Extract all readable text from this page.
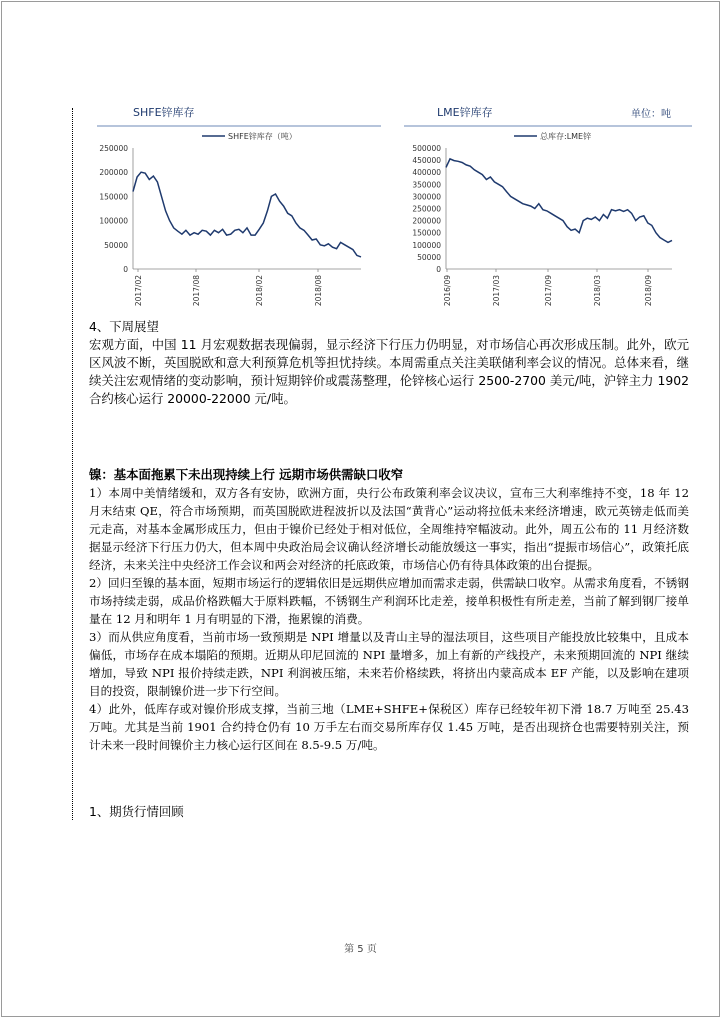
SHFE锌库存
SHFE锌库存（吨）
250000
200000
150000
100000
50000
0
2017/02	2017/08	2018/02	2018/08
LME锌库存	单位：吨
总库存:LME锌
500000
450000
400000
350000
300000
250000
200000
150000
100000
50000
0
2016/09	2017/03	2017/09	2018/03	2018/09

4、下周展望

宏观方面，中国 11 月宏观数据表现偏弱，显示经济下行压力仍明显，对市场信心再次形成压制。此外，欧元区风波不断，英国脱欧和意大利预算危机等担忧持续。本周需重点关注美联储利率会议的情况。总体来看，继续关注宏观情绪的变动影响，预计短期锌价或震荡整理，伦锌核心运行 2500-2700 美元/吨，沪锌主力 1902 合约核心运行 20000-22000 元/吨。

镍：基本面拖累下未出现持续上行 远期市场供需缺口收窄

1）本周中美情绪缓和，双方各有安协，欧洲方面，央行公布政策利率会议决议，宣布三大利率维持不变，18 年 12 月末结束 QE，符合市场预期，而英国脱欧进程波折以及法国“黄背心”运动将拉低未来经济增速，欧元英镑走低而美元走高，对基本金属形成压力，但由于镍价已经处于相对低位，全周维持窄幅波动。此外，周五公布的 11 月经济数据显示经济下行压力仍大，但本周中央政治局会议确认经济增长动能放缓这一事实，指出“提振市场信心”，政策托底经济，未来关注中央经济工作会议和两会对经济的托底政策，市场信心仍有待具体政策的出台提振。

2）回归至镍的基本面，短期市场运行的逻辑依旧是远期供应增加而需求走弱，供需缺口收窄。从需求角度看，不锈钢市场持续走弱，成品价格跌幅大于原料跌幅，不锈钢生产利润环比走差，接单积极性有所走差，当前了解到钢厂接单量在 12 月和明年 1 月有明显的下滑，拖累镍的消费。

3）而从供应角度看，当前市场一致预期是 NPI 增量以及青山主导的湿法项目，这些项目产能投放比较集中，且成本偏低，市场存在成本塌陷的预期。近期从印尼回流的 NPI 量增多，加上有新的产线投产，未来预期回流的 NPI 继续增加，导致 NPI 报价持续走跌，NPI 利润被压缩，未来若价格续跌，将挤出内蒙高成本 EF 产能，以及影响在建项目的投资，限制镍价进一步下行空间。

4）此外，低库存或对镍价形成支撑，当前三地（LME+SHFE+保税区）库存已经较年初下滑 18.7 万吨至 25.43 万吨。尤其是当前 1901 合约持仓仍有 10 万手左右而交易所库存仅 1.45 万吨，是否出现挤仓也需要特别关注，预计未来一段时间镍价主力核心运行区间在 8.5-9.5 万/吨。

1、期货行情回顾

第 5 页
